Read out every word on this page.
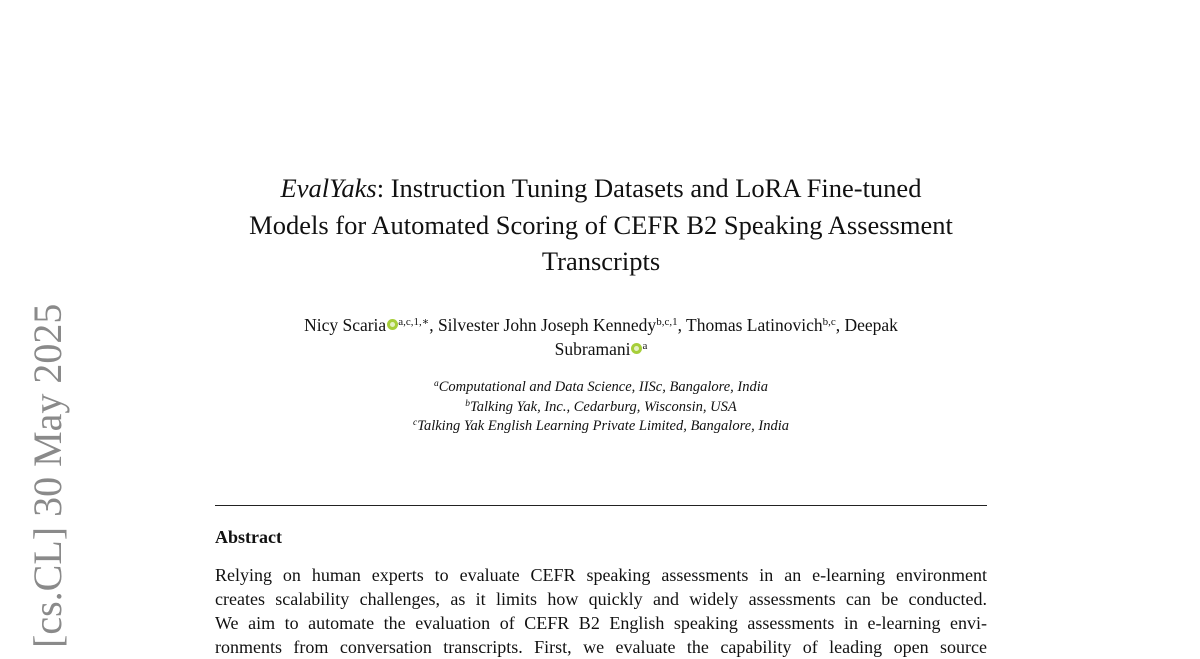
[cs.CL] 30 May 2025
EvalYaks: Instruction Tuning Datasets and LoRA Fine-tuned
Models for Automated Scoring of CEFR B2 Speaking Assessment
Transcripts
Nicy Scaria $^{a,c,1,∗}$, Silvester John Joseph Kennedy$^{b,c,1}$, Thomas Latinovich$^{b,c}$, Deepak
Subramani $^a$
$^a$Computational and Data Science, IISc, Bangalore, India
$^b$Talking Yak, Inc., Cedarburg, Wisconsin, USA
$^c$Talking Yak English Learning Private Limited, Bangalore, India
Abstract
Relying on human experts to evaluate CEFR speaking assessments in an e-learning environment
creates scalability challenges, as it limits how quickly and widely assessments can be conducted.
We aim to automate the evaluation of CEFR B2 English speaking assessments in e-learning envi-
ronments from conversation transcripts. First, we evaluate the capability of leading open source
